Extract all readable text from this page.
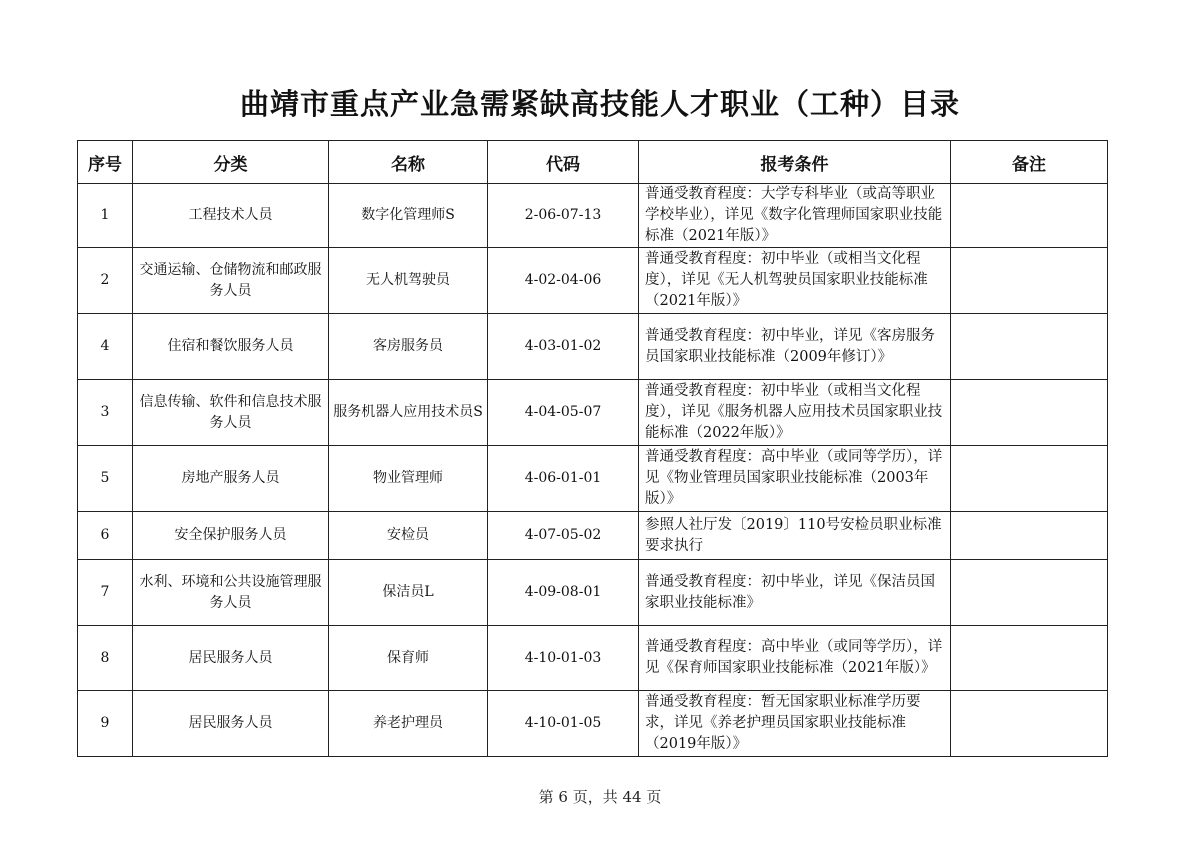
曲靖市重点产业急需紧缺高技能人才职业（工种）目录
序号	分类	名称	代码	报考条件	备注
1	工程技术人员	数字化管理师S	2-06-07-13	普通受教育程度：大学专科毕业（或高等职业学校毕业），详见《数字化管理师国家职业技能标准（2021年版）》	
2	交通运输、仓储物流和邮政服务人员	无人机驾驶员	4-02-04-06	普通受教育程度：初中毕业（或相当文化程度），详见《无人机驾驶员国家职业技能标准（2021年版）》	
4	住宿和餐饮服务人员	客房服务员	4-03-01-02	普通受教育程度：初中毕业，详见《客房服务员国家职业技能标准（2009年修订）》	
3	信息传输、软件和信息技术服务人员	服务机器人应用技术员S	4-04-05-07	普通受教育程度：初中毕业（或相当文化程度），详见《服务机器人应用技术员国家职业技能标准（2022年版）》	
5	房地产服务人员	物业管理师	4-06-01-01	普通受教育程度：高中毕业（或同等学历），详见《物业管理员国家职业技能标准（2003年版）》	
6	安全保护服务人员	安检员	4-07-05-02	参照人社厅发〔2019〕110号安检员职业标准要求执行	
7	水利、环境和公共设施管理服务人员	保洁员L	4-09-08-01	普通受教育程度：初中毕业，详见《保洁员国家职业技能标准》	
8	居民服务人员	保育师	4-10-01-03	普通受教育程度：高中毕业（或同等学历），详见《保育师国家职业技能标准（2021年版）》	
9	居民服务人员	养老护理员	4-10-01-05	普通受教育程度：暂无国家职业标准学历要求，详见《养老护理员国家职业技能标准（2019年版）》	
第 6 页，共 44 页
